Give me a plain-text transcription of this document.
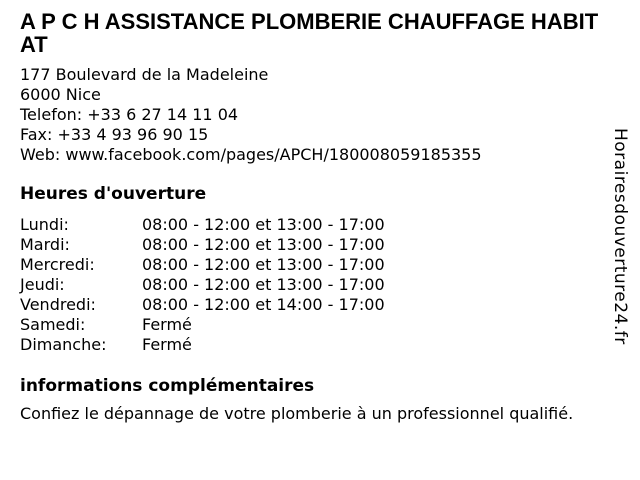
A P C H ASSISTANCE PLOMBERIE CHAUFFAGE HABITAT
177 Boulevard de la Madeleine
6000 Nice
Telefon: +33 6 27 14 11 04
Fax: +33 4 93 96 90 15
Web: www.facebook.com/pages/APCH/180008059185355
Heures d'ouverture
Lundi:	08:00 - 12:00 et 13:00 - 17:00
Mardi:	08:00 - 12:00 et 13:00 - 17:00
Mercredi:	08:00 - 12:00 et 13:00 - 17:00
Jeudi:	08:00 - 12:00 et 13:00 - 17:00
Vendredi:	08:00 - 12:00 et 14:00 - 17:00
Samedi:	Fermé
Dimanche: Fermé
informations complémentaires
Confiez le dépannage de votre plomberie à un professionnel qualifié.
Horairesdouverture24.fr
